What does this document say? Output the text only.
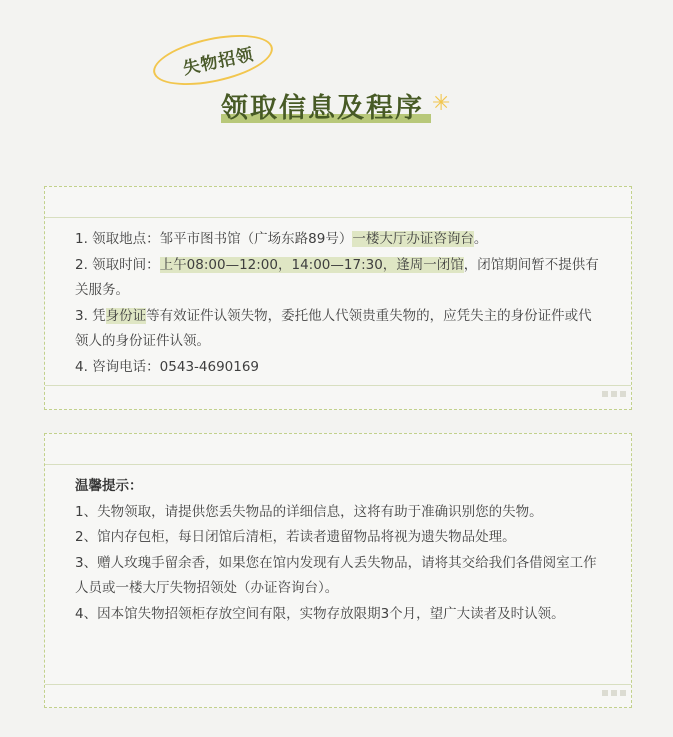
失物招领
领取信息及程序 ✳
1. 领取地点：邹平市图书馆（广场东路89号）一楼大厅办证咨询台。
2. 领取时间：上午08:00—12:00，14:00—17:30，逢周一闭馆，闭馆期间暂不提供有关服务。
3. 凭身份证等有效证件认领失物，委托他人代领贵重失物的，应凭失主的身份证件或代领人的身份证件认领。
4. 咨询电话：0543-4690169
温馨提示：
1、失物领取，请提供您丢失物品的详细信息，这将有助于准确识别您的失物。
2、馆内存包柜，每日闭馆后清柜，若读者遗留物品将视为遗失物品处理。
3、赠人玫瑰手留余香，如果您在馆内发现有人丢失物品，请将其交给我们各借阅室工作人员或一楼大厅失物招领处（办证咨询台）。
4、因本馆失物招领柜存放空间有限，实物存放限期3个月，望广大读者及时认领。
